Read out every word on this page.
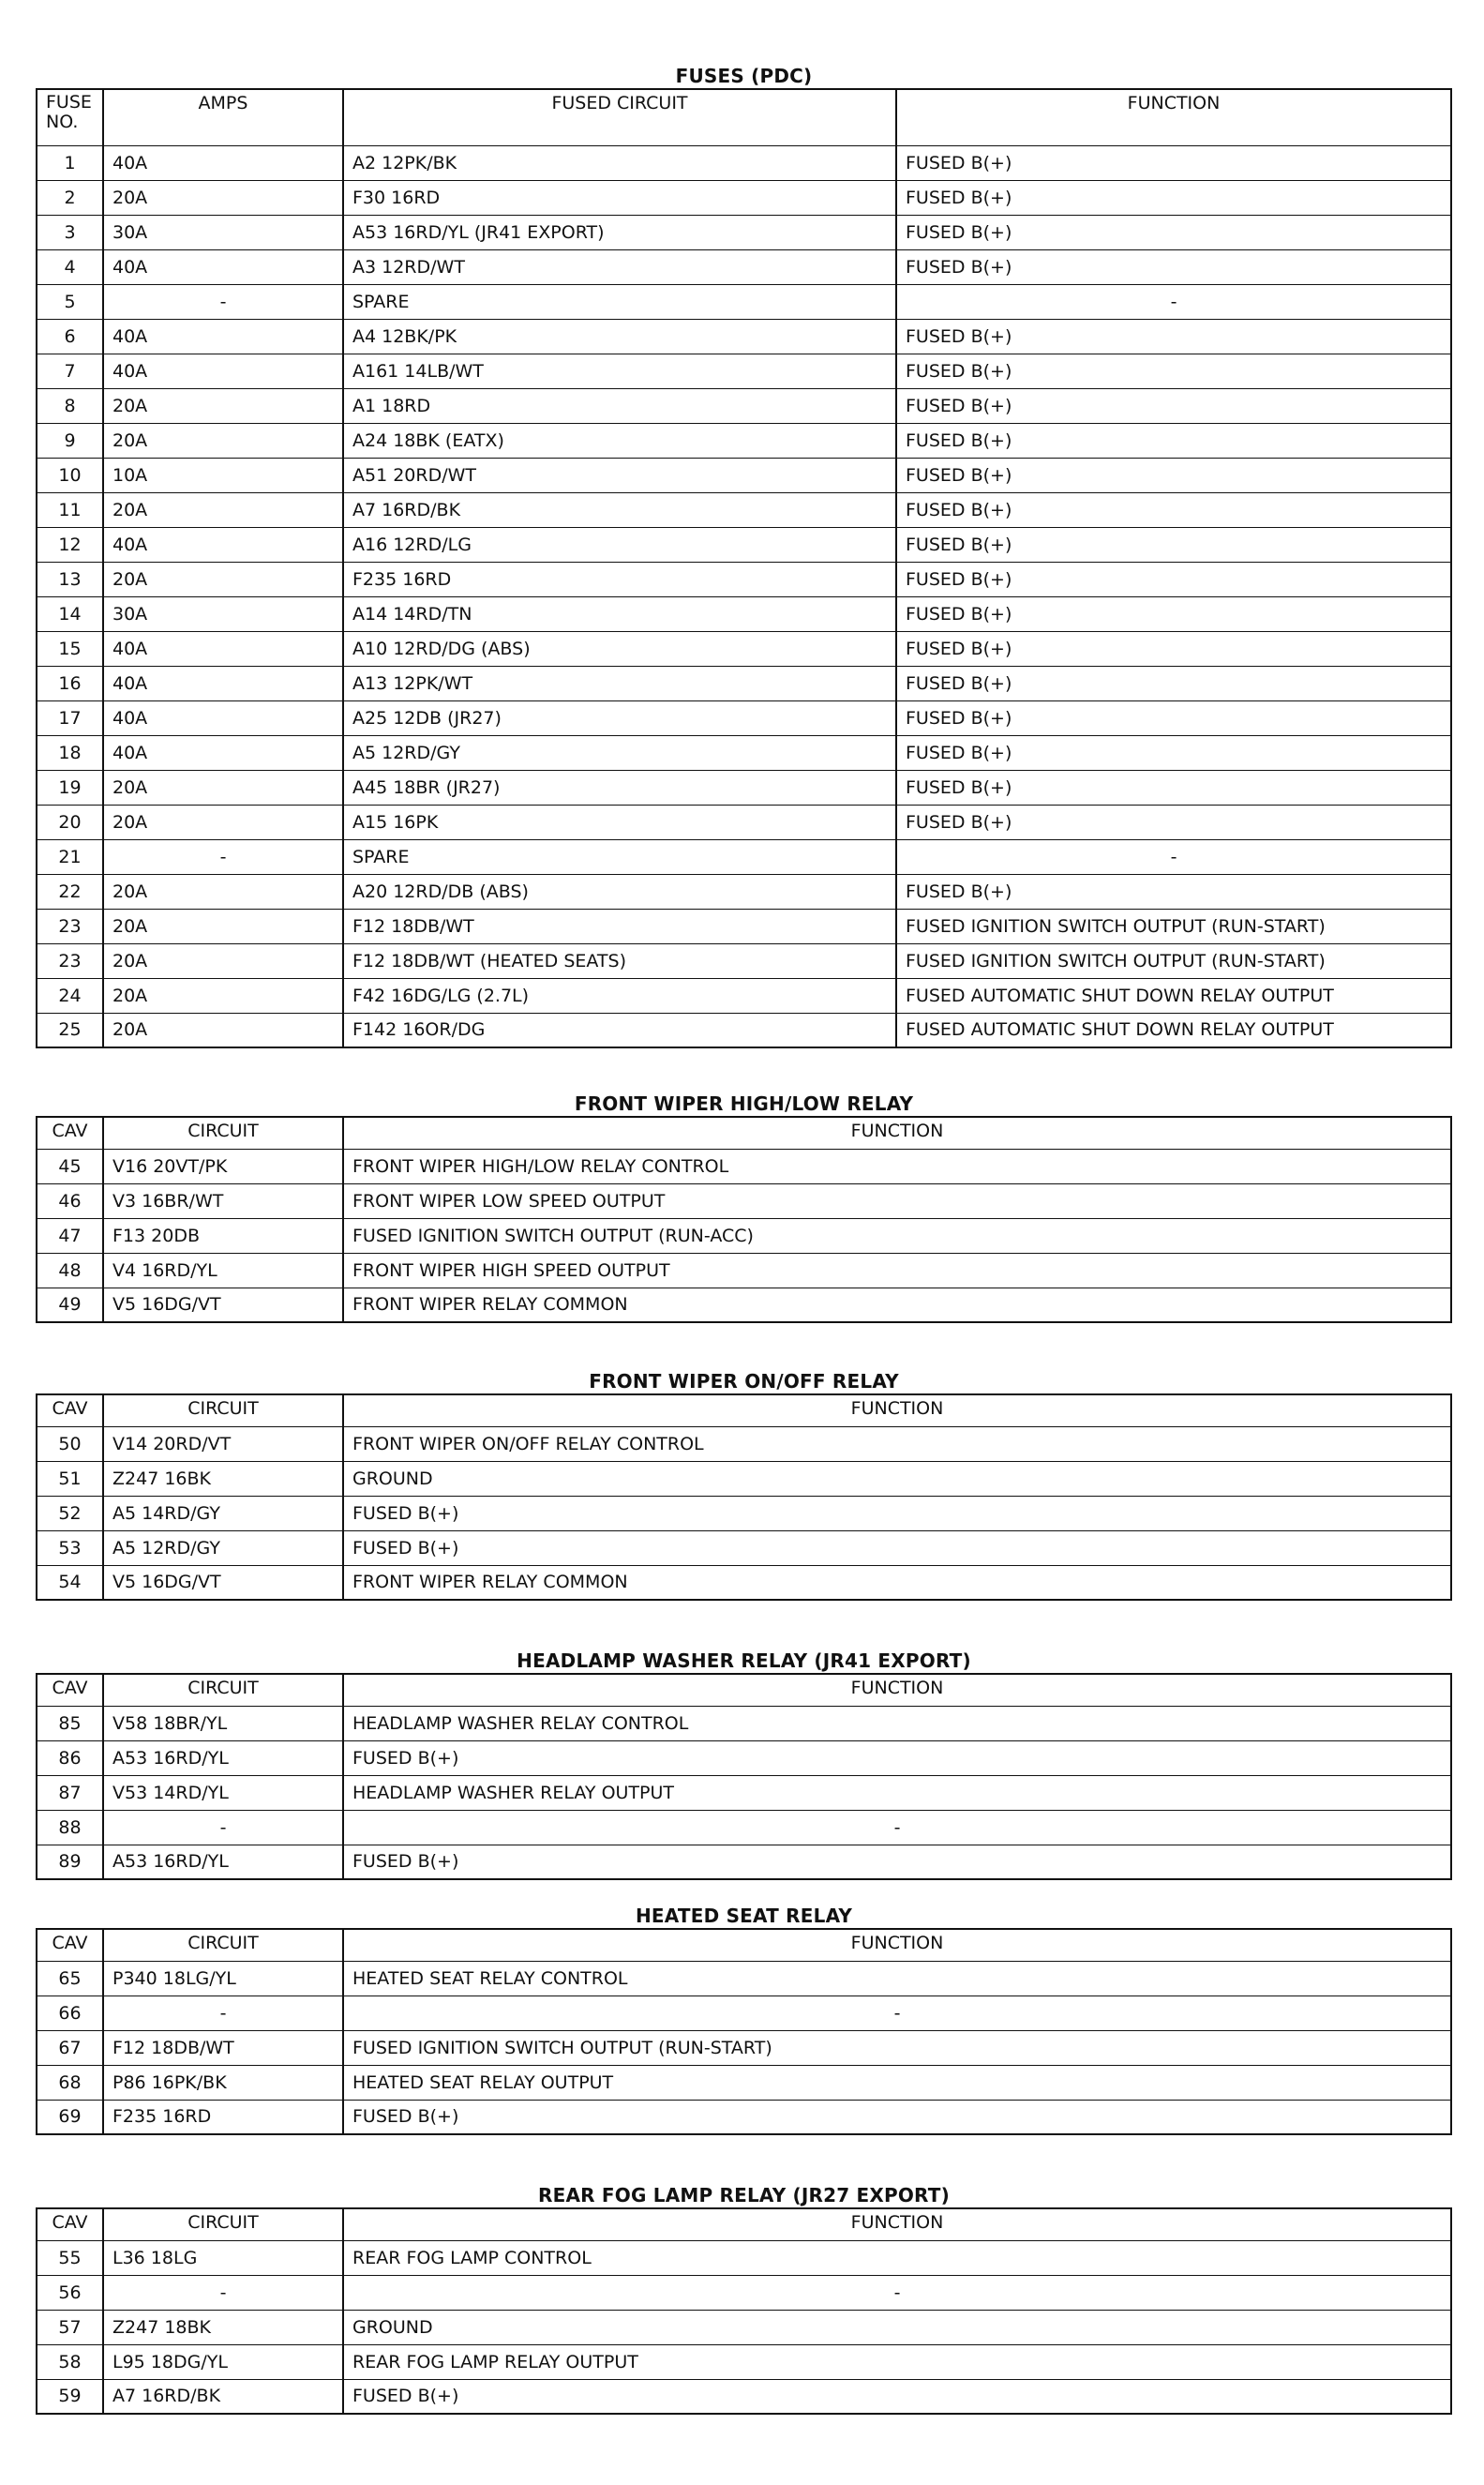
FUSES (PDC)
FUSE NO.	AMPS	FUSED CIRCUIT	FUNCTION
1	40A	A2 12PK/BK	FUSED B(+)
2	20A	F30 16RD	FUSED B(+)
3	30A	A53 16RD/YL (JR41 EXPORT)	FUSED B(+)
4	40A	A3 12RD/WT	FUSED B(+)
5	-	SPARE	-
6	40A	A4 12BK/PK	FUSED B(+)
7	40A	A161 14LB/WT	FUSED B(+)
8	20A	A1 18RD	FUSED B(+)
9	20A	A24 18BK (EATX)	FUSED B(+)
10	10A	A51 20RD/WT	FUSED B(+)
11	20A	A7 16RD/BK	FUSED B(+)
12	40A	A16 12RD/LG	FUSED B(+)
13	20A	F235 16RD	FUSED B(+)
14	30A	A14 14RD/TN	FUSED B(+)
15	40A	A10 12RD/DG (ABS)	FUSED B(+)
16	40A	A13 12PK/WT	FUSED B(+)
17	40A	A25 12DB (JR27)	FUSED B(+)
18	40A	A5 12RD/GY	FUSED B(+)
19	20A	A45 18BR (JR27)	FUSED B(+)
20	20A	A15 16PK	FUSED B(+)
21	-	SPARE	-
22	20A	A20 12RD/DB (ABS)	FUSED B(+)
23	20A	F12 18DB/WT	FUSED IGNITION SWITCH OUTPUT (RUN-START)
23	20A	F12 18DB/WT (HEATED SEATS)	FUSED IGNITION SWITCH OUTPUT (RUN-START)
24	20A	F42 16DG/LG (2.7L)	FUSED AUTOMATIC SHUT DOWN RELAY OUTPUT
25	20A	F142 16OR/DG	FUSED AUTOMATIC SHUT DOWN RELAY OUTPUT
FRONT WIPER HIGH/LOW RELAY
CAV	CIRCUIT	FUNCTION
45	V16 20VT/PK	FRONT WIPER HIGH/LOW RELAY CONTROL
46	V3 16BR/WT	FRONT WIPER LOW SPEED OUTPUT
47	F13 20DB	FUSED IGNITION SWITCH OUTPUT (RUN-ACC)
48	V4 16RD/YL	FRONT WIPER HIGH SPEED OUTPUT
49	V5 16DG/VT	FRONT WIPER RELAY COMMON
FRONT WIPER ON/OFF RELAY
CAV	CIRCUIT	FUNCTION
50	V14 20RD/VT	FRONT WIPER ON/OFF RELAY CONTROL
51	Z247 16BK	GROUND
52	A5 14RD/GY	FUSED B(+)
53	A5 12RD/GY	FUSED B(+)
54	V5 16DG/VT	FRONT WIPER RELAY COMMON
HEADLAMP WASHER RELAY (JR41 EXPORT)
CAV	CIRCUIT	FUNCTION
85	V58 18BR/YL	HEADLAMP WASHER RELAY CONTROL
86	A53 16RD/YL	FUSED B(+)
87	V53 14RD/YL	HEADLAMP WASHER RELAY OUTPUT
88	-	-
89	A53 16RD/YL	FUSED B(+)
HEATED SEAT RELAY
CAV	CIRCUIT	FUNCTION
65	P340 18LG/YL	HEATED SEAT RELAY CONTROL
66	-	-
67	F12 18DB/WT	FUSED IGNITION SWITCH OUTPUT (RUN-START)
68	P86 16PK/BK	HEATED SEAT RELAY OUTPUT
69	F235 16RD	FUSED B(+)
REAR FOG LAMP RELAY (JR27 EXPORT)
CAV	CIRCUIT	FUNCTION
55	L36 18LG	REAR FOG LAMP CONTROL
56	-	-
57	Z247 18BK	GROUND
58	L95 18DG/YL	REAR FOG LAMP RELAY OUTPUT
59	A7 16RD/BK	FUSED B(+)
